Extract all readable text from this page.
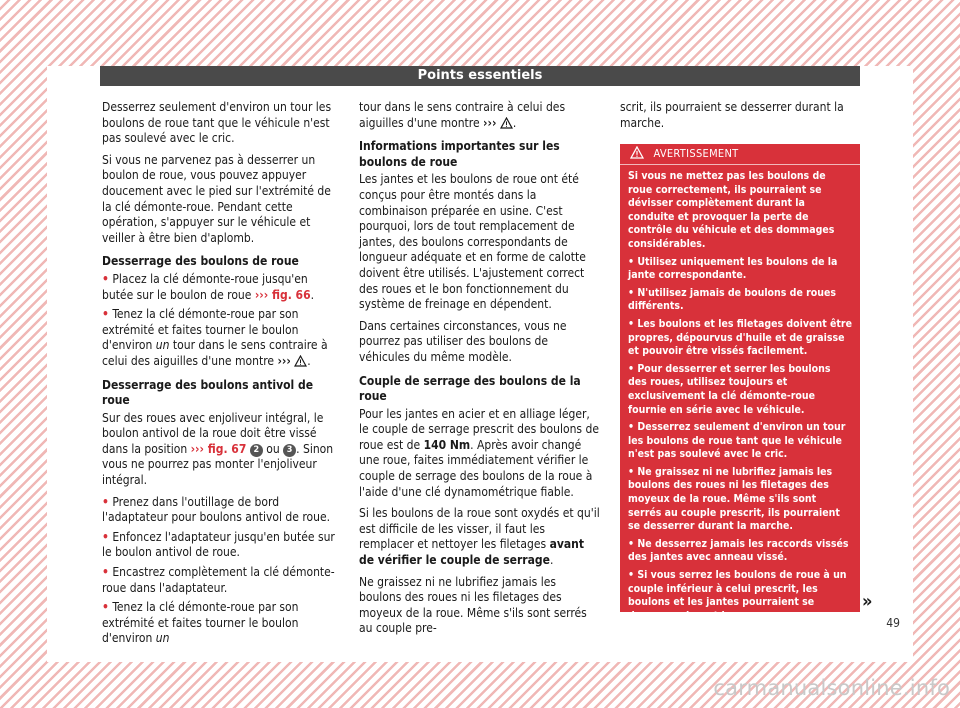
Points essentiels

Desserrez seulement d'environ un tour les boulons de roue tant que le véhicule n'est pas soulevé avec le cric.

Si vous ne parvenez pas à desserrer un boulon de roue, vous pouvez appuyer doucement avec le pied sur l'extrémité de la clé démonte-roue. Pendant cette opération, s'appuyer sur le véhicule et veiller à être bien d'aplomb.

Desserrage des boulons de roue

• Placez la clé démonte-roue jusqu'en butée sur le boulon de roue ››› fig. 66.

• Tenez la clé démonte-roue par son extrémité et faites tourner le boulon d'environ un tour dans le sens contraire à celui des aiguilles d'une montre ››› .

Desserrage des boulons antivol de roue

Sur des roues avec enjoliveur intégral, le boulon antivol de la roue doit être vissé dans la position ››› fig. 67 2 ou 3 . Sinon vous ne pourrez pas monter l'enjoliveur intégral.

• Prenez dans l'outillage de bord l'adaptateur pour boulons antivol de roue.

• Enfoncez l'adaptateur jusqu'en butée sur le boulon antivol de roue.

• Encastrez complètement la clé démonte-roue dans l'adaptateur.

• Tenez la clé démonte-roue par son extrémité et faites tourner le boulon d'environ un

tour dans le sens contraire à celui des aiguilles d'une montre ››› .

Informations importantes sur les boulons de roue

Les jantes et les boulons de roue ont été conçus pour être montés dans la combinaison préparée en usine. C'est pourquoi, lors de tout remplacement de jantes, des boulons correspondants de longueur adéquate et en forme de calotte doivent être utilisés. L'ajustement correct des roues et le bon fonctionnement du système de freinage en dépendent.

Dans certaines circonstances, vous ne pourrez pas utiliser des boulons de véhicules du même modèle.

Couple de serrage des boulons de la roue

Pour les jantes en acier et en alliage léger, le couple de serrage prescrit des boulons de roue est de 140 Nm. Après avoir changé une roue, faites immédiatement vérifier le couple de serrage des boulons de la roue à l'aide d'une clé dynamométrique fiable.

Si les boulons de la roue sont oxydés et qu'il est difficile de les visser, il faut les remplacer et nettoyer les filetages avant de vérifier le couple de serrage.

Ne graissez ni ne lubrifiez jamais les boulons des roues ni les filetages des moyeux de la roue. Même s'ils sont serrés au couple pre-

scrit, ils pourraient se desserrer durant la marche.

AVERTISSEMENT

Si vous ne mettez pas les boulons de roue correctement, ils pourraient se dévisser complètement durant la conduite et provoquer la perte de contrôle du véhicule et des dommages considérables.

• Utilisez uniquement les boulons de la jante correspondante.

• N'utilisez jamais de boulons de roues différents.

• Les boulons et les filetages doivent être propres, dépourvus d'huile et de graisse et pouvoir être vissés facilement.

• Pour desserrer et serrer les boulons des roues, utilisez toujours et exclusivement la clé démonte-roue fournie en série avec le véhicule.

• Desserrez seulement d'environ un tour les boulons de roue tant que le véhicule n'est pas soulevé avec le cric.

• Ne graissez ni ne lubrifiez jamais les boulons des roues ni les filetages des moyeux de la roue. Même s'ils sont serrés au couple prescrit, ils pourraient se desserrer durant la marche.

• Ne desserrez jamais les raccords vissés des jantes avec anneau vissé.

• Si vous serrez les boulons de roue à un couple inférieur à celui prescrit, les boulons et les jantes pourraient se desserrer durant la

»
49
carmanualsonline.info
